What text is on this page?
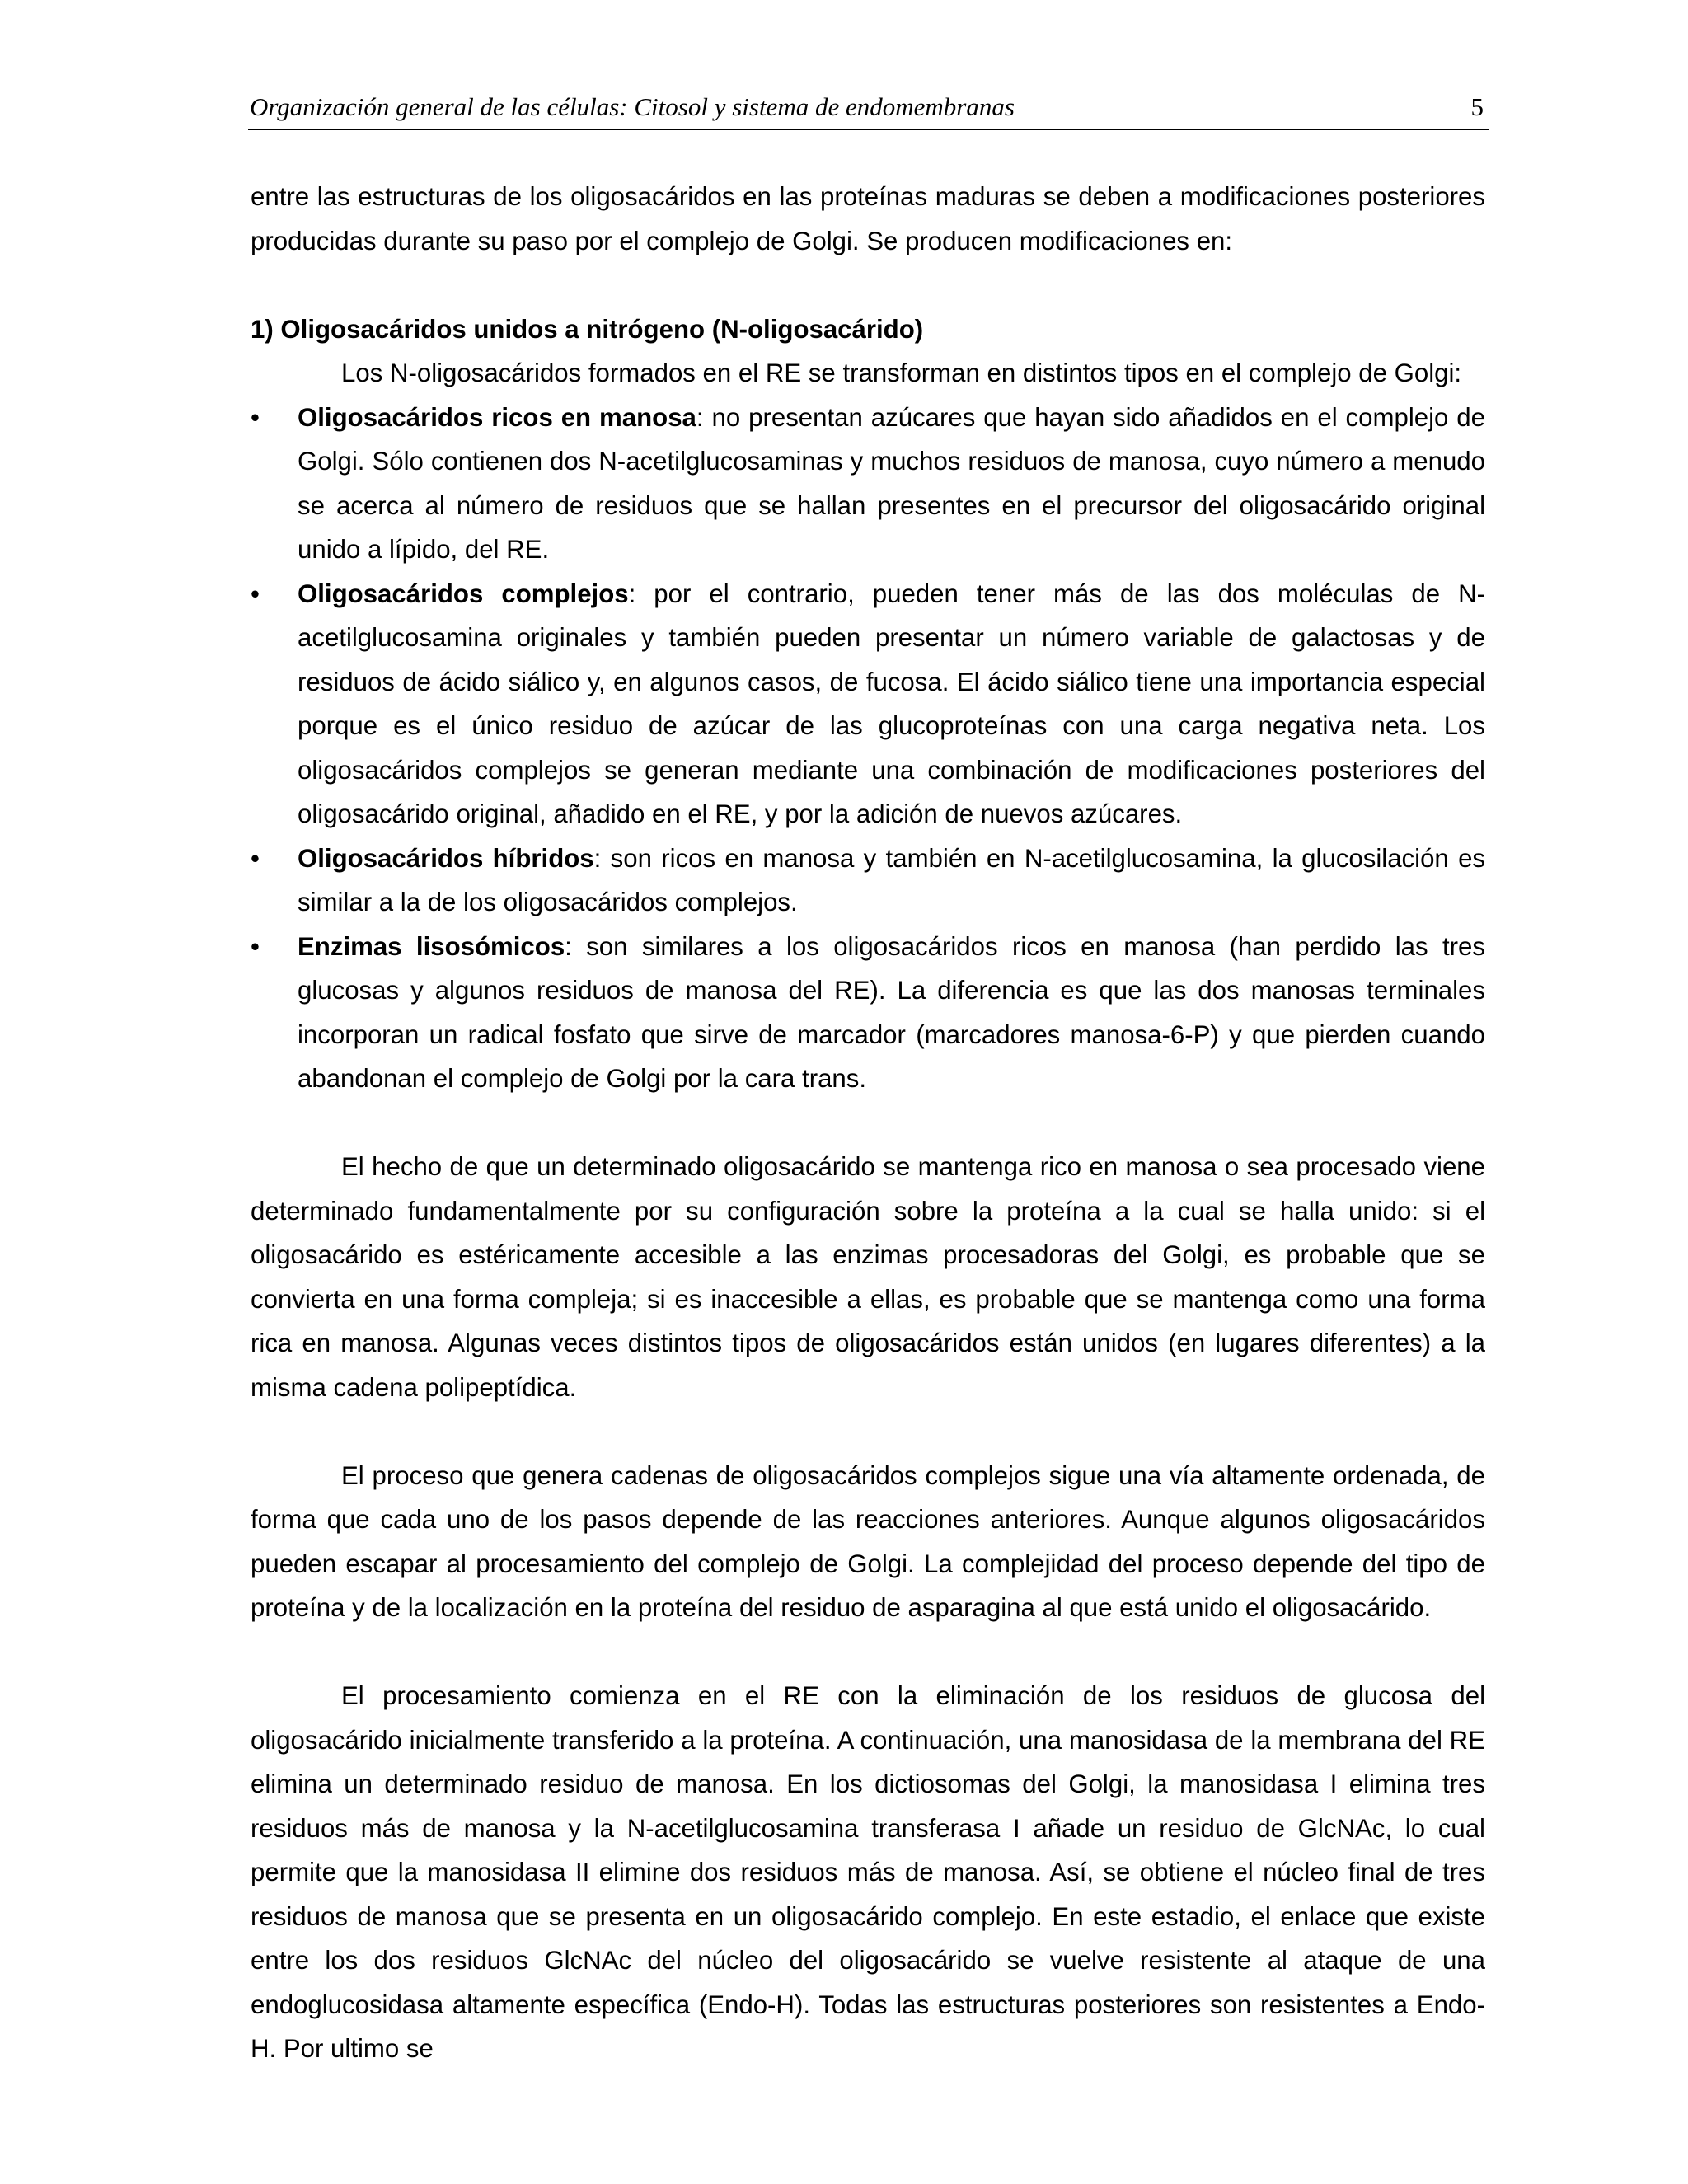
Organización general de las células: Citosol y sistema de endomembranas	5

entre las estructuras de los oligosacáridos en las proteínas maduras se deben a modificaciones posteriores producidas durante su paso por el complejo de Golgi. Se producen modificaciones en:

1) Oligosacáridos unidos a nitrógeno (N-oligosacárido)

Los N-oligosacáridos formados en el RE se transforman en distintos tipos en el complejo de Golgi:

•	Oligosacáridos ricos en manosa: no presentan azúcares que hayan sido añadidos en el complejo de Golgi. Sólo contienen dos N-acetilglucosaminas y muchos residuos de manosa, cuyo número a menudo se acerca al número de residuos que se hallan presentes en el precursor del oligosacárido original unido a lípido, del RE.
•	Oligosacáridos complejos: por el contrario, pueden tener más de las dos moléculas de N-acetilglucosamina originales y también pueden presentar un número variable de galactosas y de residuos de ácido siálico y, en algunos casos, de fucosa. El ácido siálico tiene una importancia especial porque es el único residuo de azúcar de las glucoproteínas con una carga negativa neta. Los oligosacáridos complejos se generan mediante una combinación de modificaciones posteriores del oligosacárido original, añadido en el RE, y por la adición de nuevos azúcares.
•	Oligosacáridos híbridos: son ricos en manosa y también en N-acetilglucosamina, la glucosilación es similar a la de los oligosacáridos complejos.
•	Enzimas lisosómicos: son similares a los oligosacáridos ricos en manosa (han perdido las tres glucosas y algunos residuos de manosa del RE). La diferencia es que las dos manosas terminales incorporan un radical fosfato que sirve de marcador (marcadores manosa-6-P) y que pierden cuando abandonan el complejo de Golgi por la cara trans.

El hecho de que un determinado oligosacárido se mantenga rico en manosa o sea procesado viene determinado fundamentalmente por su configuración sobre la proteína a la cual se halla unido: si el oligosacárido es estéricamente accesible a las enzimas procesadoras del Golgi, es probable que se convierta en una forma compleja; si es inaccesible a ellas, es probable que se mantenga como una forma rica en manosa. Algunas veces distintos tipos de oligosacáridos están unidos (en lugares diferentes) a la misma cadena polipeptídica.

El proceso que genera cadenas de oligosacáridos complejos sigue una vía altamente ordenada, de forma que cada uno de los pasos depende de las reacciones anteriores. Aunque algunos oligosacáridos pueden escapar al procesamiento del complejo de Golgi. La complejidad del proceso depende del tipo de proteína y de la localización en la proteína del residuo de asparagina al que está unido el oligosacárido.

El procesamiento comienza en el RE con la eliminación de los residuos de glucosa del oligosacárido inicialmente transferido a la proteína. A continuación, una manosidasa de la membrana del RE elimina un determinado residuo de manosa. En los dictiosomas del Golgi, la manosidasa I elimina tres residuos más de manosa y la N-acetilglucosamina transferasa I añade un residuo de GlcNAc, lo cual permite que la manosidasa II elimine dos residuos más de manosa. Así, se obtiene el núcleo final de tres residuos de manosa que se presenta en un oligosacárido complejo. En este estadio, el enlace que existe entre los dos residuos GlcNAc del núcleo del oligosacárido se vuelve resistente al ataque de una endoglucosidasa altamente específica (Endo-H). Todas las estructuras posteriores son resistentes a Endo-H. Por ultimo se
